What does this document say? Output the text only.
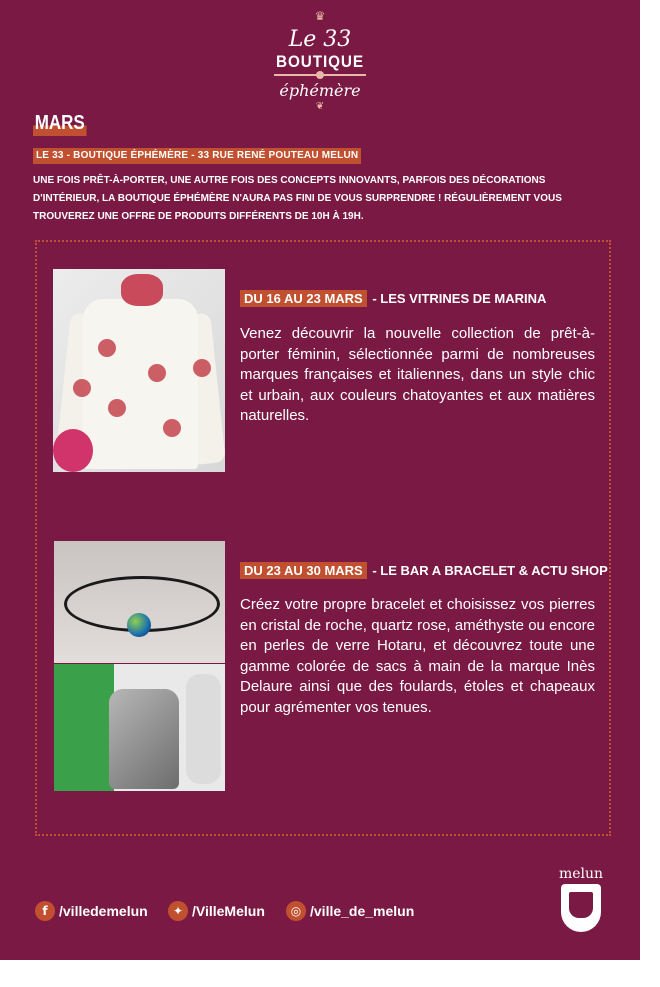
♛
Le 33
BOUTIQUE
éphémère
❦
MARS
LE 33 - BOUTIQUE ÉPHÉMÈRE - 33 RUE RENÉ POUTEAU MELUN
UNE FOIS PRÊT-À-PORTER, UNE AUTRE FOIS DES CONCEPTS INNOVANTS, PARFOIS DES DÉCORATIONS D'INTÉRIEUR, LA BOUTIQUE ÉPHÉMÈRE N'AURA PAS FINI DE VOUS SURPRENDRE ! RÉGULIÈREMENT VOUS TROUVEREZ UNE OFFRE DE PRODUITS DIFFÉRENTS DE 10H À 19H.
DU 16 AU 23 MARS - LES VITRINES DE MARINA
Venez découvrir la nouvelle collection de prêt-à-porter féminin, sélectionnée parmi de nombreuses marques françaises et italiennes, dans un style chic et urbain, aux couleurs chatoyantes et aux matières naturelles.
DU 23 AU 30 MARS - LE BAR A BRACELET & ACTU SHOP
Créez votre propre bracelet et choisissez vos pierres en cristal de roche, quartz rose, améthyste ou encore en perles de verre Hotaru, et découvrez toute une gamme colorée de sacs à main de la marque Inès Delaure ainsi que des foulards, étoles et chapeaux pour agrémenter vos tenues.
f /villedemelun	✦ /VilleMelun	◎ /ville_de_melun
melun
